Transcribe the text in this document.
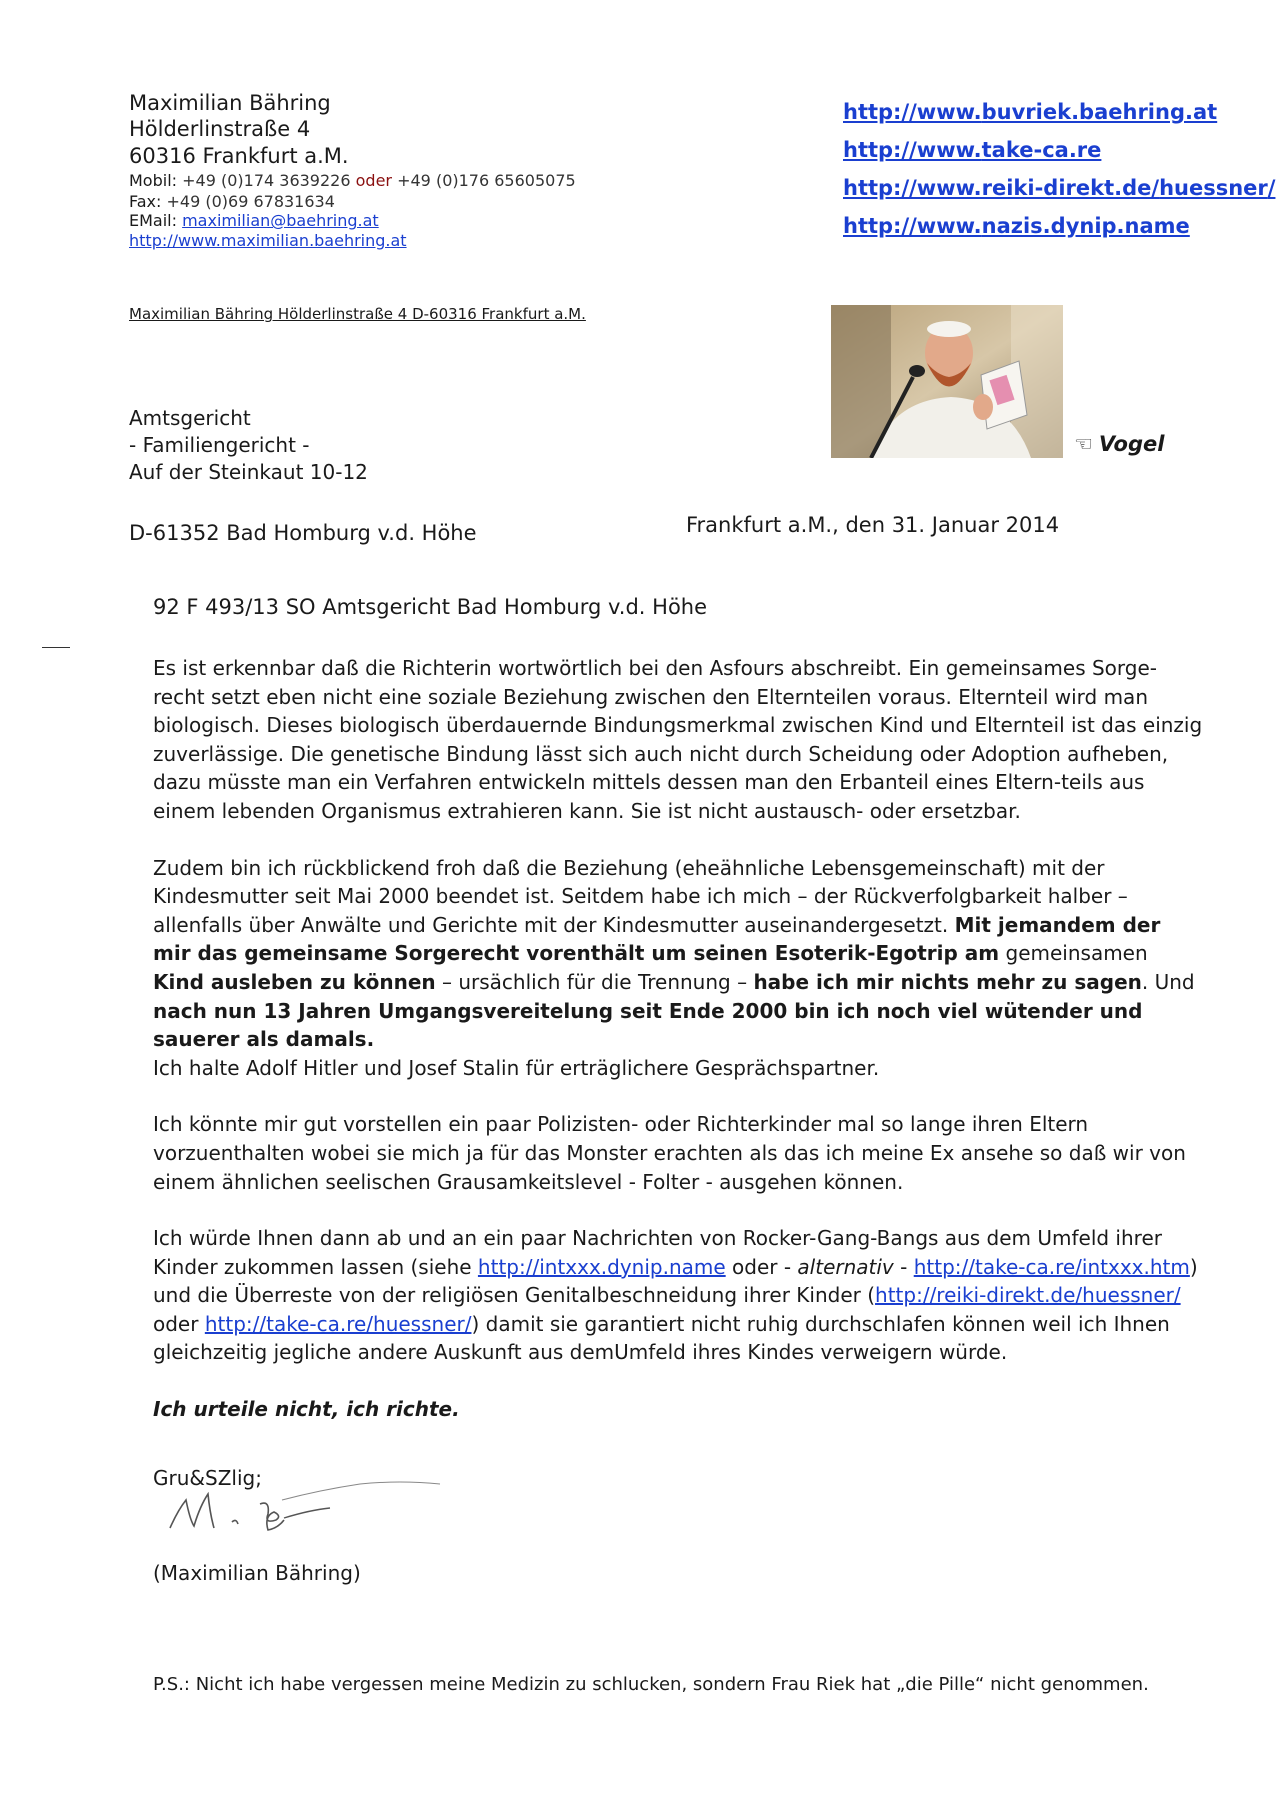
Maximilian Bähring
Hölderlinstraße 4
60316 Frankfurt a.M.
Mobil: +49 (0)174 3639226 oder +49 (0)176 65605075
Fax: +49 (0)69 67831634
EMail: maximilian@baehring.at
http://www.maximilian.baehring.at
http://www.buvriek.baehring.at
http://www.take-ca.re
http://www.reiki-direkt.de/huessner/
http://www.nazis.dynip.name
Maximilian Bähring Hölderlinstraße 4 D-60316 Frankfurt a.M.
☜ Vogel
Amtsgericht
- Familiengericht -
Auf der Steinkaut 10-12
D-61352 Bad Homburg v.d. Höhe	Frankfurt a.M., den 31. Januar 2014
92 F 493/13 SO Amtsgericht Bad Homburg v.d. Höhe

Es ist erkennbar daß die Richterin wortwörtlich bei den Asfours abschreibt. Ein gemeinsames Sorge-recht setzt eben nicht eine soziale Beziehung zwischen den Elternteilen voraus. Elternteil wird man biologisch. Dieses biologisch überdauernde Bindungsmerkmal zwischen Kind und Elternteil ist das einzig zuverlässige. Die genetische Bindung lässt sich auch nicht durch Scheidung oder Adoption aufheben, dazu müsste man ein Verfahren entwickeln mittels dessen man den Erbanteil eines Eltern-teils aus einem lebenden Organismus extrahieren kann. Sie ist nicht austausch- oder ersetzbar.

Zudem bin ich rückblickend froh daß die Beziehung (eheähnliche Lebensgemeinschaft) mit der Kindesmutter seit Mai 2000 beendet ist. Seitdem habe ich mich – der Rückverfolgbarkeit halber – allenfalls über Anwälte und Gerichte mit der Kindesmutter auseinandergesetzt. Mit jemandem der mir das gemeinsame Sorgerecht vorenthält um seinen Esoterik-Egotrip am gemeinsamen Kind ausleben zu können – ursächlich für die Trennung – habe ich mir nichts mehr zu sagen. Und nach nun 13 Jahren Umgangsvereitelung seit Ende 2000 bin ich noch viel wütender und sauerer als damals.
Ich halte Adolf Hitler und Josef Stalin für erträglichere Gesprächspartner.

Ich könnte mir gut vorstellen ein paar Polizisten- oder Richterkinder mal so lange ihren Eltern vorzuenthalten wobei sie mich ja für das Monster erachten als das ich meine Ex ansehe so daß wir von einem ähnlichen seelischen Grausamkeitslevel - Folter - ausgehen können.

Ich würde Ihnen dann ab und an ein paar Nachrichten von Rocker-Gang-Bangs aus dem Umfeld ihrer Kinder zukommen lassen (siehe http://intxxx.dynip.name oder - alternativ - http://take-ca.re/intxxx.htm) und die Überreste von der religiösen Genitalbeschneidung ihrer Kinder (http://reiki-direkt.de/huessner/ oder http://take-ca.re/huessner/) damit sie garantiert nicht ruhig durchschlafen können weil ich Ihnen gleichzeitig jegliche andere Auskunft aus demUmfeld ihres Kindes verweigern würde.

Ich urteile nicht, ich richte.

Gru&SZlig;

(Maximilian Bähring)
P.S.: Nicht ich habe vergessen meine Medizin zu schlucken, sondern Frau Riek hat „die Pille“ nicht genommen.
